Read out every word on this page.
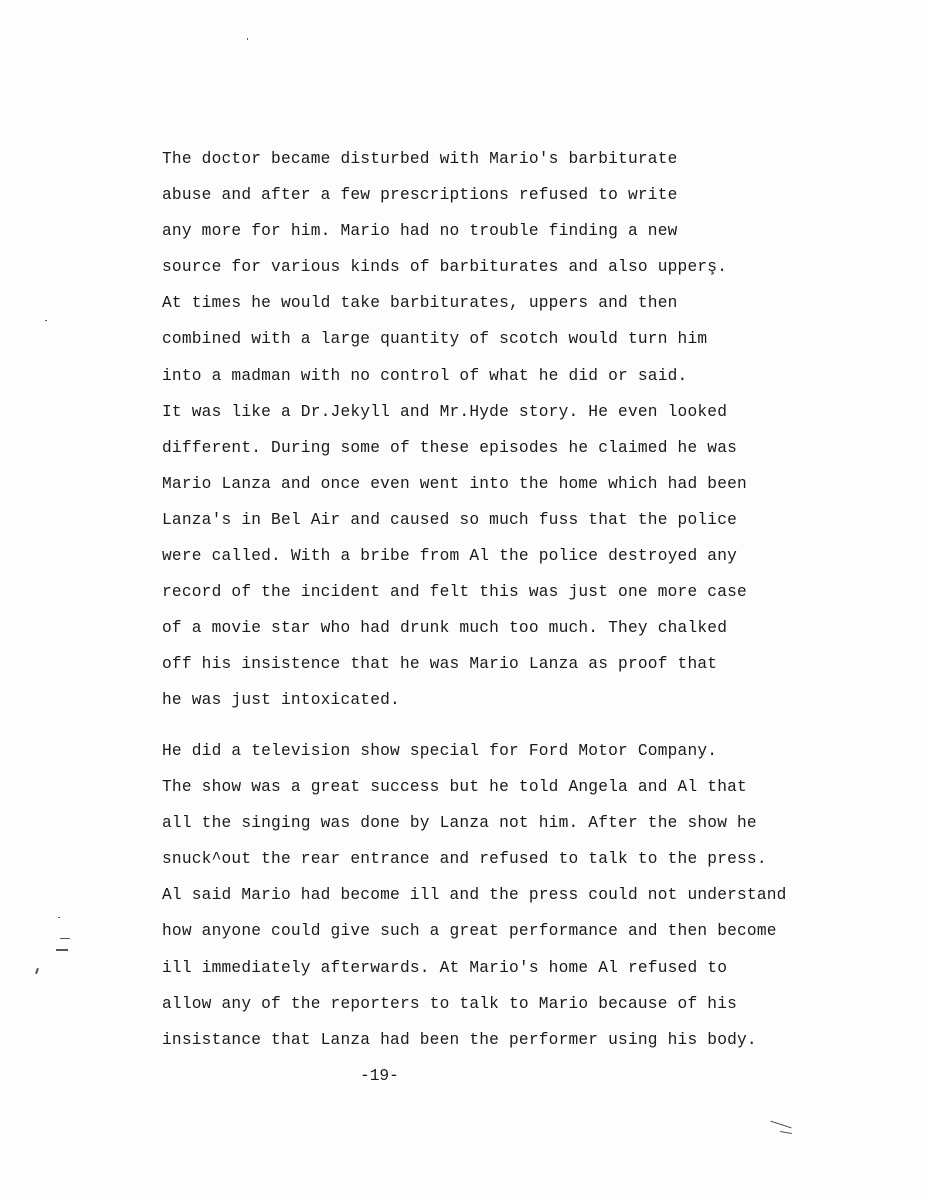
The doctor became disturbed with Mario's barbiturate
abuse and after a few prescriptions refused to write
any more for him. Mario had no trouble finding a new
source for various kinds of barbiturates and also upperş.
At times he would take barbiturates, uppers and then
combined with a large quantity of scotch would turn him
into a madman with no control of what he did or said.
It was like a Dr.Jekyll and Mr.Hyde story. He even looked
different. During some of these episodes he claimed he was
Mario Lanza and once even went into the home which had been
Lanza's in Bel Air and caused so much fuss that the police
were called. With a bribe from Al the police destroyed any
record of the incident and felt this was just one more case
of a movie star who had drunk much too much. They chalked
off his insistence that he was Mario Lanza as proof that
he was just intoxicated.
He did a television show special for Ford Motor Company.
The show was a great success but he told Angela and Al that
all the singing was done by Lanza not him. After the show he
snuck^out the rear entrance and refused to talk to the press.
Al said Mario had become ill and the press could not understand
how anyone could give such a great performance and then become
ill immediately afterwards. At Mario's home Al refused to
allow any of the reporters to talk to Mario because of his
insistance that Lanza had been the performer using his body.
-19-
